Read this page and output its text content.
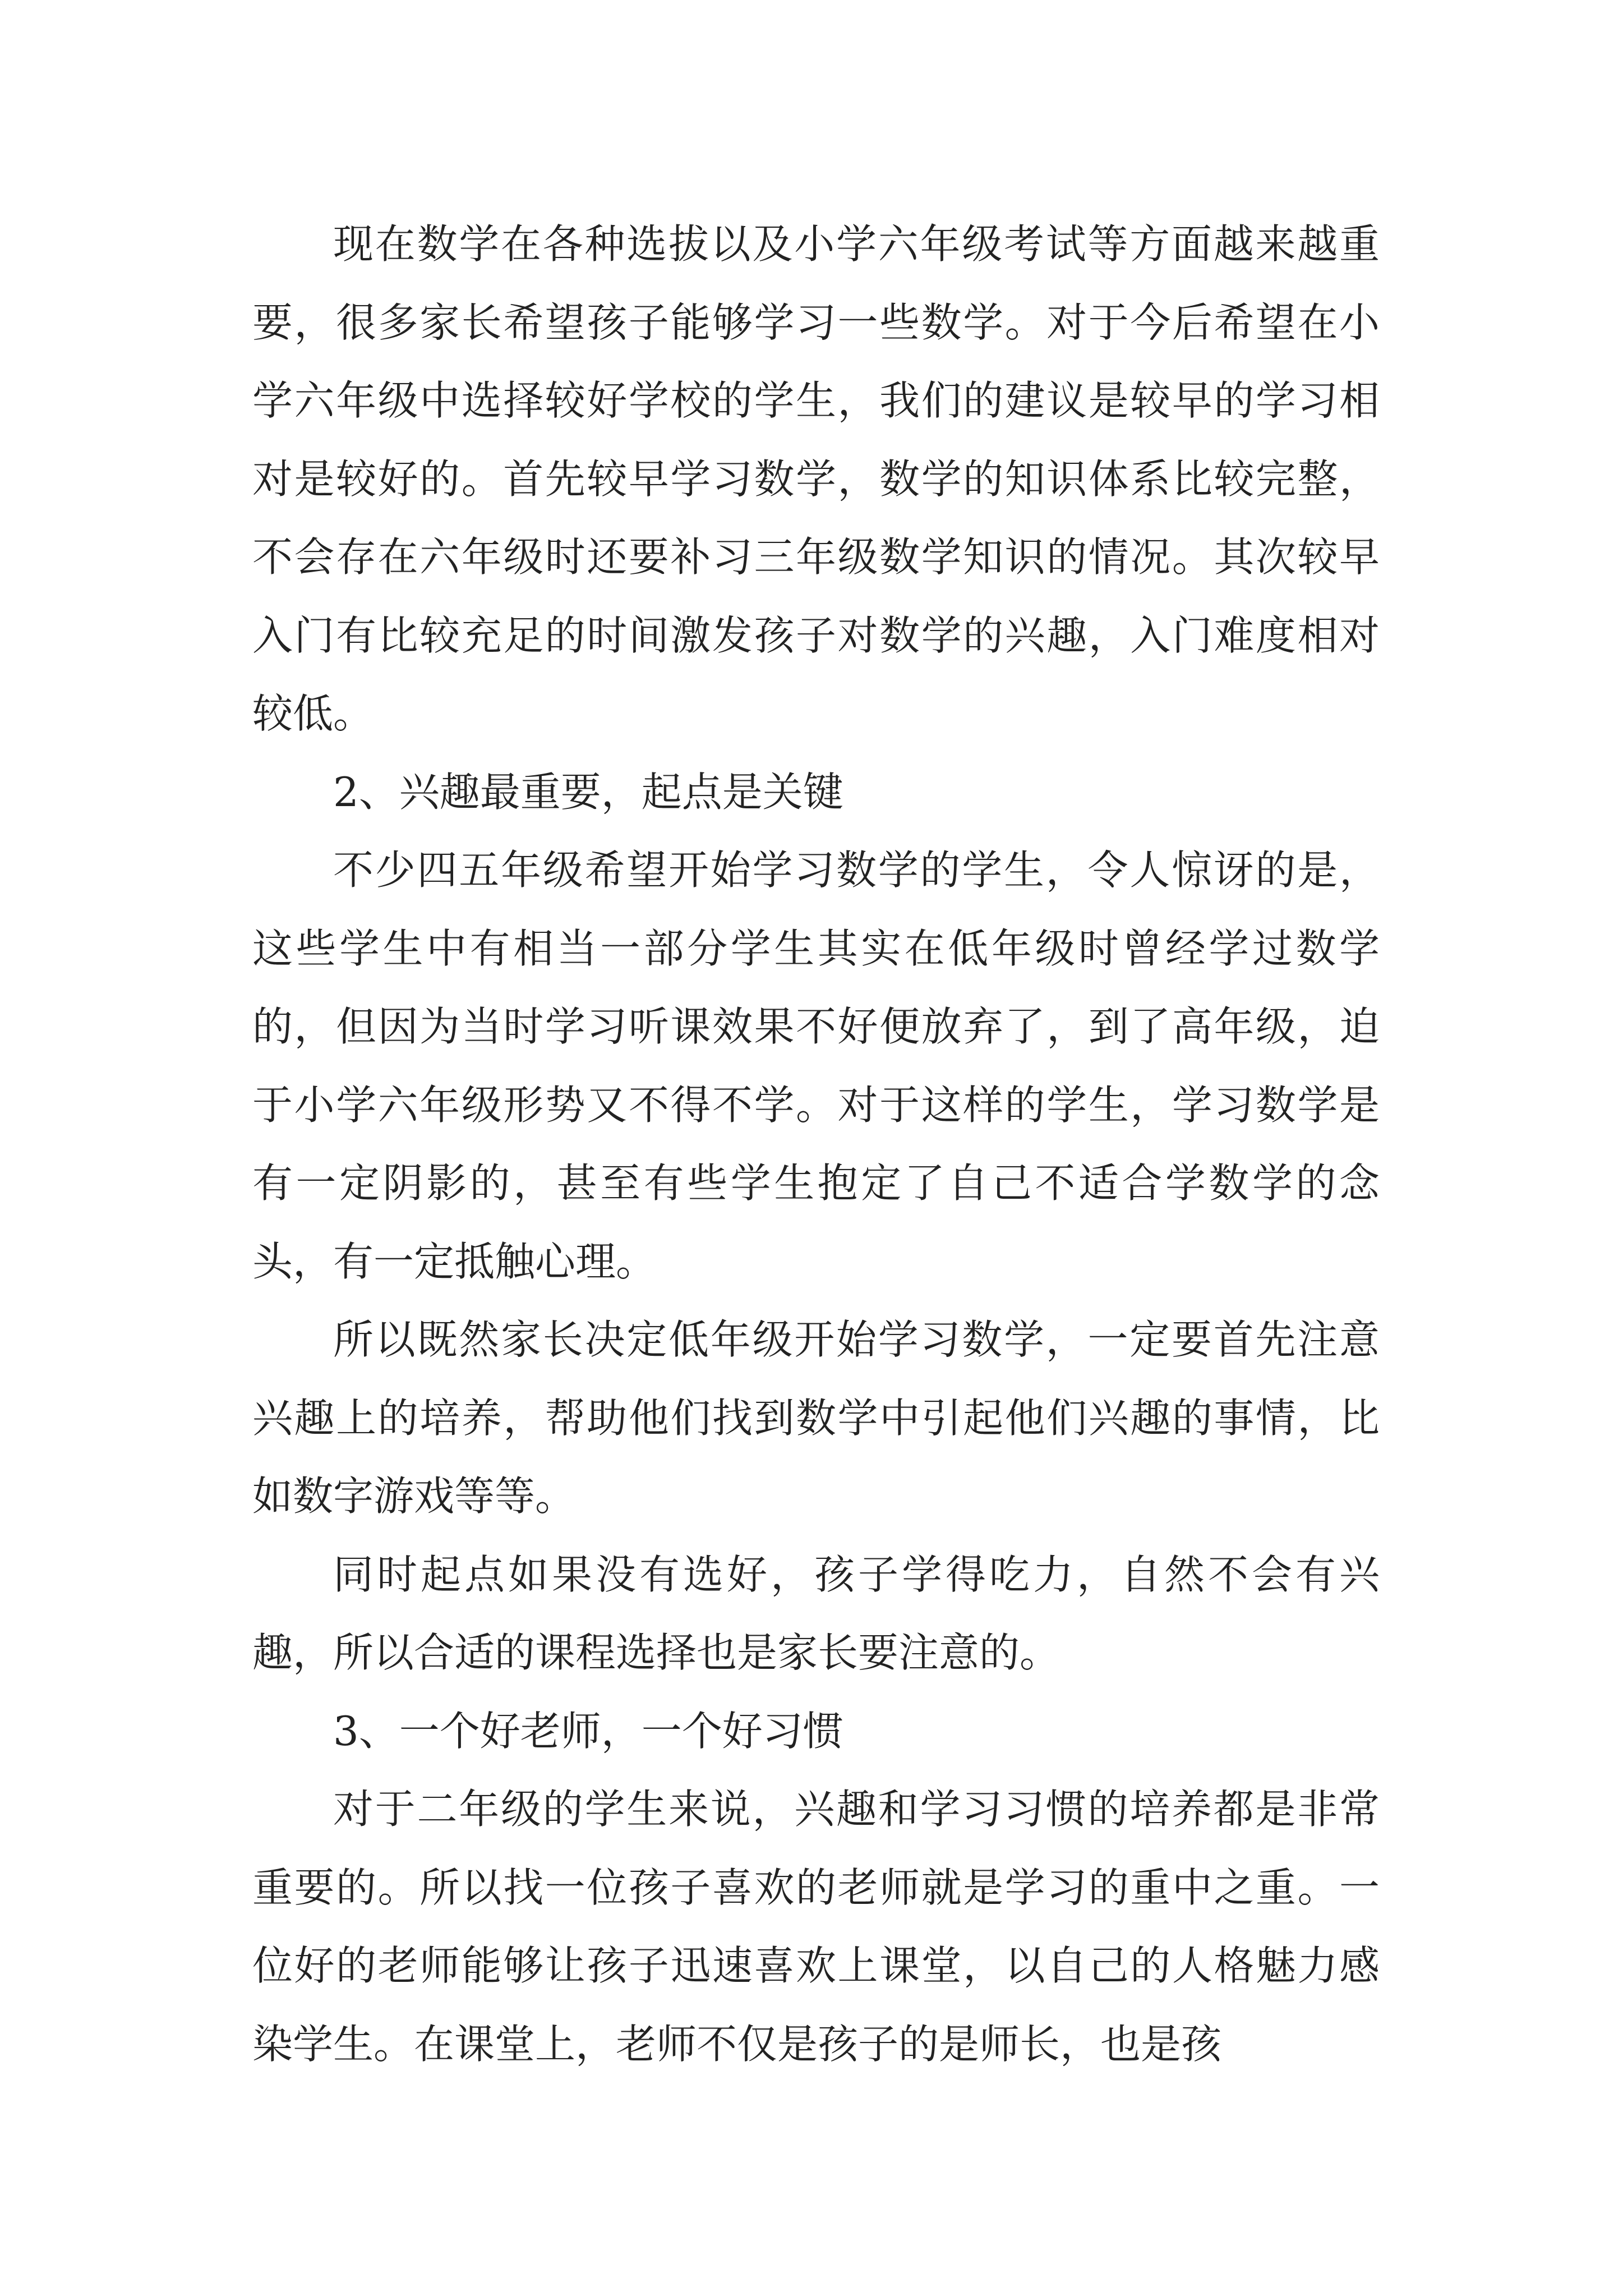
现在数学在各种选拔以及小学六年级考试等方面越来越重要，很多家长希望孩子能够学习一些数学。对于今后希望在小学六年级中选择较好学校的学生，我们的建议是较早的学习相对是较好的。首先较早学习数学，数学的知识体系比较完整，不会存在六年级时还要补习三年级数学知识的情况。其次较早入门有比较充足的时间激发孩子对数学的兴趣，入门难度相对较低。

2、兴趣最重要，起点是关键

不少四五年级希望开始学习数学的学生，令人惊讶的是，这些学生中有相当一部分学生其实在低年级时曾经学过数学的，但因为当时学习听课效果不好便放弃了，到了高年级，迫于小学六年级形势又不得不学。对于这样的学生，学习数学是有一定阴影的，甚至有些学生抱定了自己不适合学数学的念头，有一定抵触心理。

所以既然家长决定低年级开始学习数学，一定要首先注意兴趣上的培养，帮助他们找到数学中引起他们兴趣的事情，比如数字游戏等等。

同时起点如果没有选好，孩子学得吃力，自然不会有兴趣，所以合适的课程选择也是家长要注意的。

3、一个好老师，一个好习惯

对于二年级的学生来说，兴趣和学习习惯的培养都是非常重要的。所以找一位孩子喜欢的老师就是学习的重中之重。一位好的老师能够让孩子迅速喜欢上课堂，以自己的人格魅力感染学生。在课堂上，老师不仅是孩子的是师长，也是孩
